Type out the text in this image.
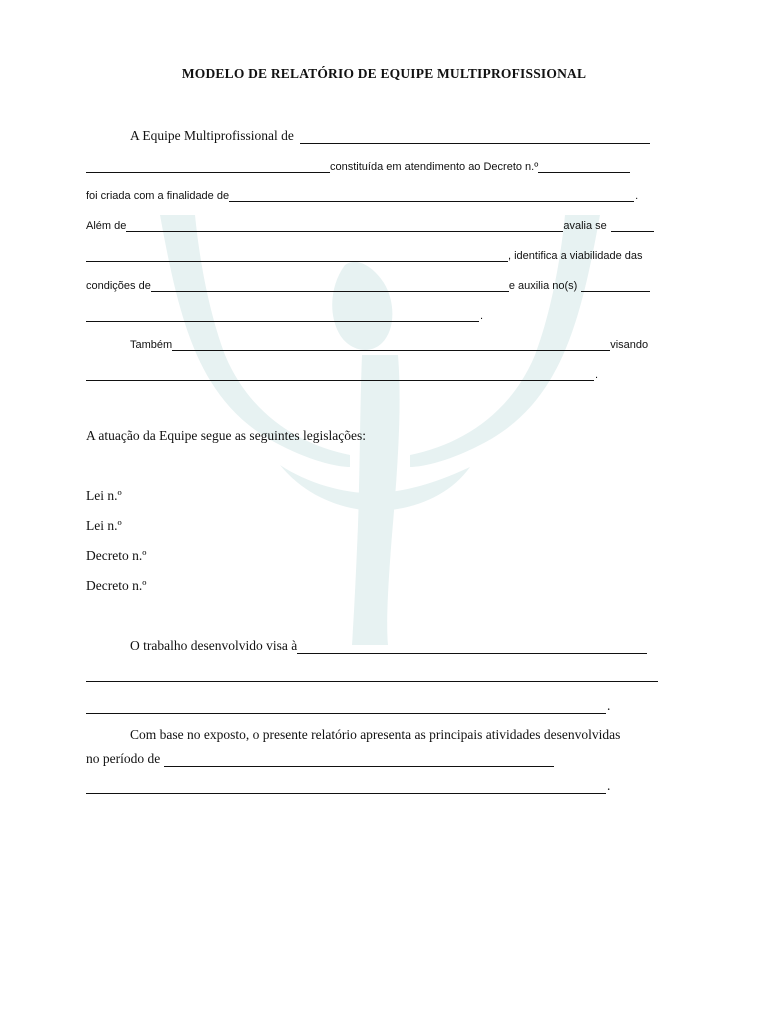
MODELO DE RELATÓRIO DE EQUIPE MULTIPROFISSIONAL
A Equipe Multiprofissional de
constituída em atendimento ao Decreto n.º
foi criada com a finalidade de	.
Além de	avalia se
, identifica a viabilidade das
condições de	e auxilia no(s)
.
Também	visando
.
A atuação da Equipe segue as seguintes legislações:
Lei n.º
Lei n.º
Decreto n.º
Decreto n.º
O trabalho desenvolvido visa à
.
Com base no exposto, o presente relatório apresenta as principais atividades desenvolvidas
no período de
.
